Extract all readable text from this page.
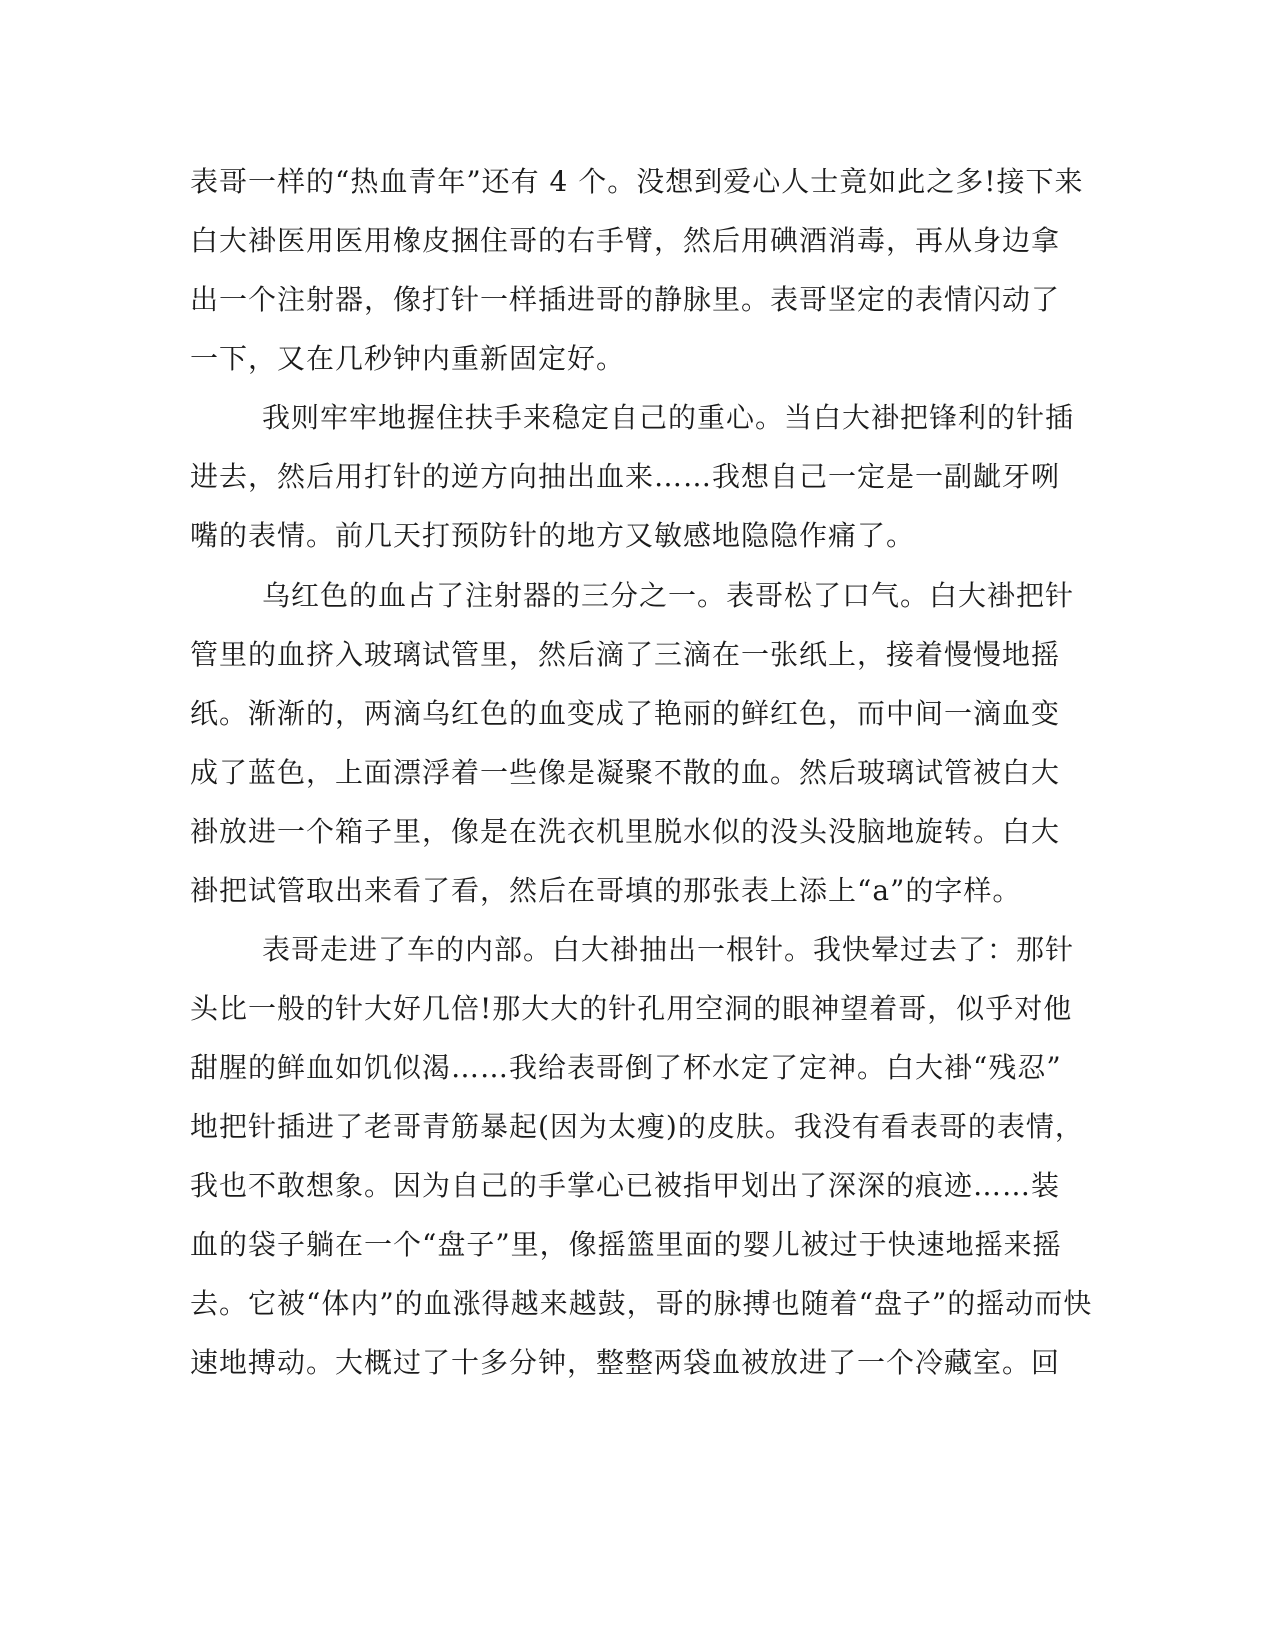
表哥一样的“热血青年”还有 4 个。没想到爱心人士竟如此之多!接下来
白大褂医用医用橡皮捆住哥的右手臂，然后用碘酒消毒，再从身边拿
出一个注射器，像打针一样插进哥的静脉里。表哥坚定的表情闪动了
一下，又在几秒钟内重新固定好。
我则牢牢地握住扶手来稳定自己的重心。当白大褂把锋利的针插
进去，然后用打针的逆方向抽出血来……我想自己一定是一副龇牙咧
嘴的表情。前几天打预防针的地方又敏感地隐隐作痛了。
乌红色的血占了注射器的三分之一。表哥松了口气。白大褂把针
管里的血挤入玻璃试管里，然后滴了三滴在一张纸上，接着慢慢地摇
纸。渐渐的，两滴乌红色的血变成了艳丽的鲜红色，而中间一滴血变
成了蓝色，上面漂浮着一些像是凝聚不散的血。然后玻璃试管被白大
褂放进一个箱子里，像是在洗衣机里脱水似的没头没脑地旋转。白大
褂把试管取出来看了看，然后在哥填的那张表上添上“a”的字样。
表哥走进了车的内部。白大褂抽出一根针。我快晕过去了：那针
头比一般的针大好几倍!那大大的针孔用空洞的眼神望着哥，似乎对他
甜腥的鲜血如饥似渴……我给表哥倒了杯水定了定神。白大褂“残忍”
地把针插进了老哥青筋暴起(因为太瘦)的皮肤。我没有看表哥的表情，
我也不敢想象。因为自己的手掌心已被指甲划出了深深的痕迹……装
血的袋子躺在一个“盘子”里，像摇篮里面的婴儿被过于快速地摇来摇
去。它被“体内”的血涨得越来越鼓，哥的脉搏也随着“盘子”的摇动而快
速地搏动。大概过了十多分钟，整整两袋血被放进了一个冷藏室。回
